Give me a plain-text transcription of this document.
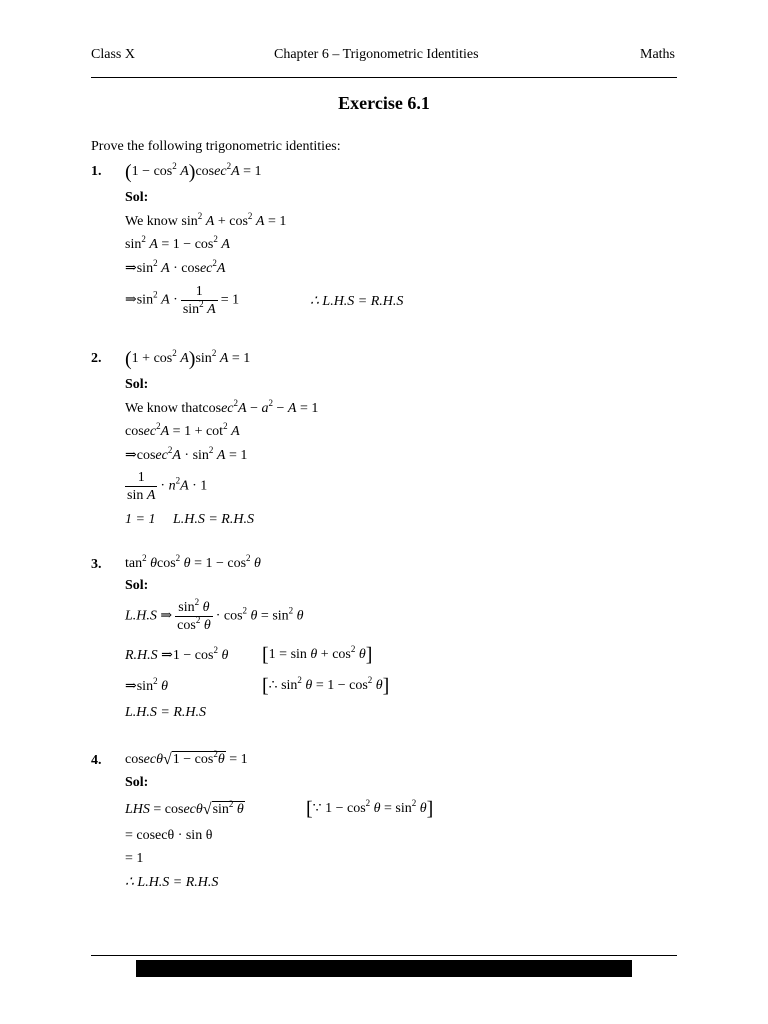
Class X	Chapter 6 – Trigonometric Identities	Maths
Exercise 6.1
Prove the following trigonometric identities:
1. $(1 - \cos^2 A)cosec^2A = 1$
Sol:
We know $\sin^2 A + \cos^2 A = 1$
$\sin^2 A = 1 - \cos^2 A$
$\Rightarrow\sin^2$ A · cosec$^2$A
$\Rightarrow\sin^2$ $A \cdot \frac{1}{\sin^2 A} = 1$	∴ L.H.S = R.H.S
2. $(1 + \cos^2 A)\sin^2$ A = 1
Sol:
We know thatcosec$^2$A − $a^2 - A = 1$
$cosec^2A = 1 + \cot^2 A$
⇒cosec$^2$A · $\sin^2 A = 1$
$\frac{1}{\text{sin A}} \cdot n^2A \cdot 1$
1 = 1     L.H.S = R.H.S
3. $\tan^2 \theta\cos^2$ $\theta = 1 - \cos^2 \theta$
Sol:
L.H.S ⇒ $\frac{\sin^2 \theta}{\cos^2 \theta} \cdot \cos^2 \theta = \sin^2 \theta$
R.H.S ⇒1 − $\cos^2 \theta$ $[1 = \sin \theta + \cos^2 \theta]$
$\Rightarrow\sin^2$ θ	[∴ $\sin^2 \theta = 1 - \cos^2 \theta$]
L.H.S = R.H.S
4. $cosec\theta√1 - \cos^2\theta = 1$
Sol:
LHS = $cosec\theta√\sin^2$ θ	[∵ $1 - \cos^2 \theta = \sin^2 \theta$]
= cosecθ · sin θ
= 1
∴ L.H.S = R.H.S
